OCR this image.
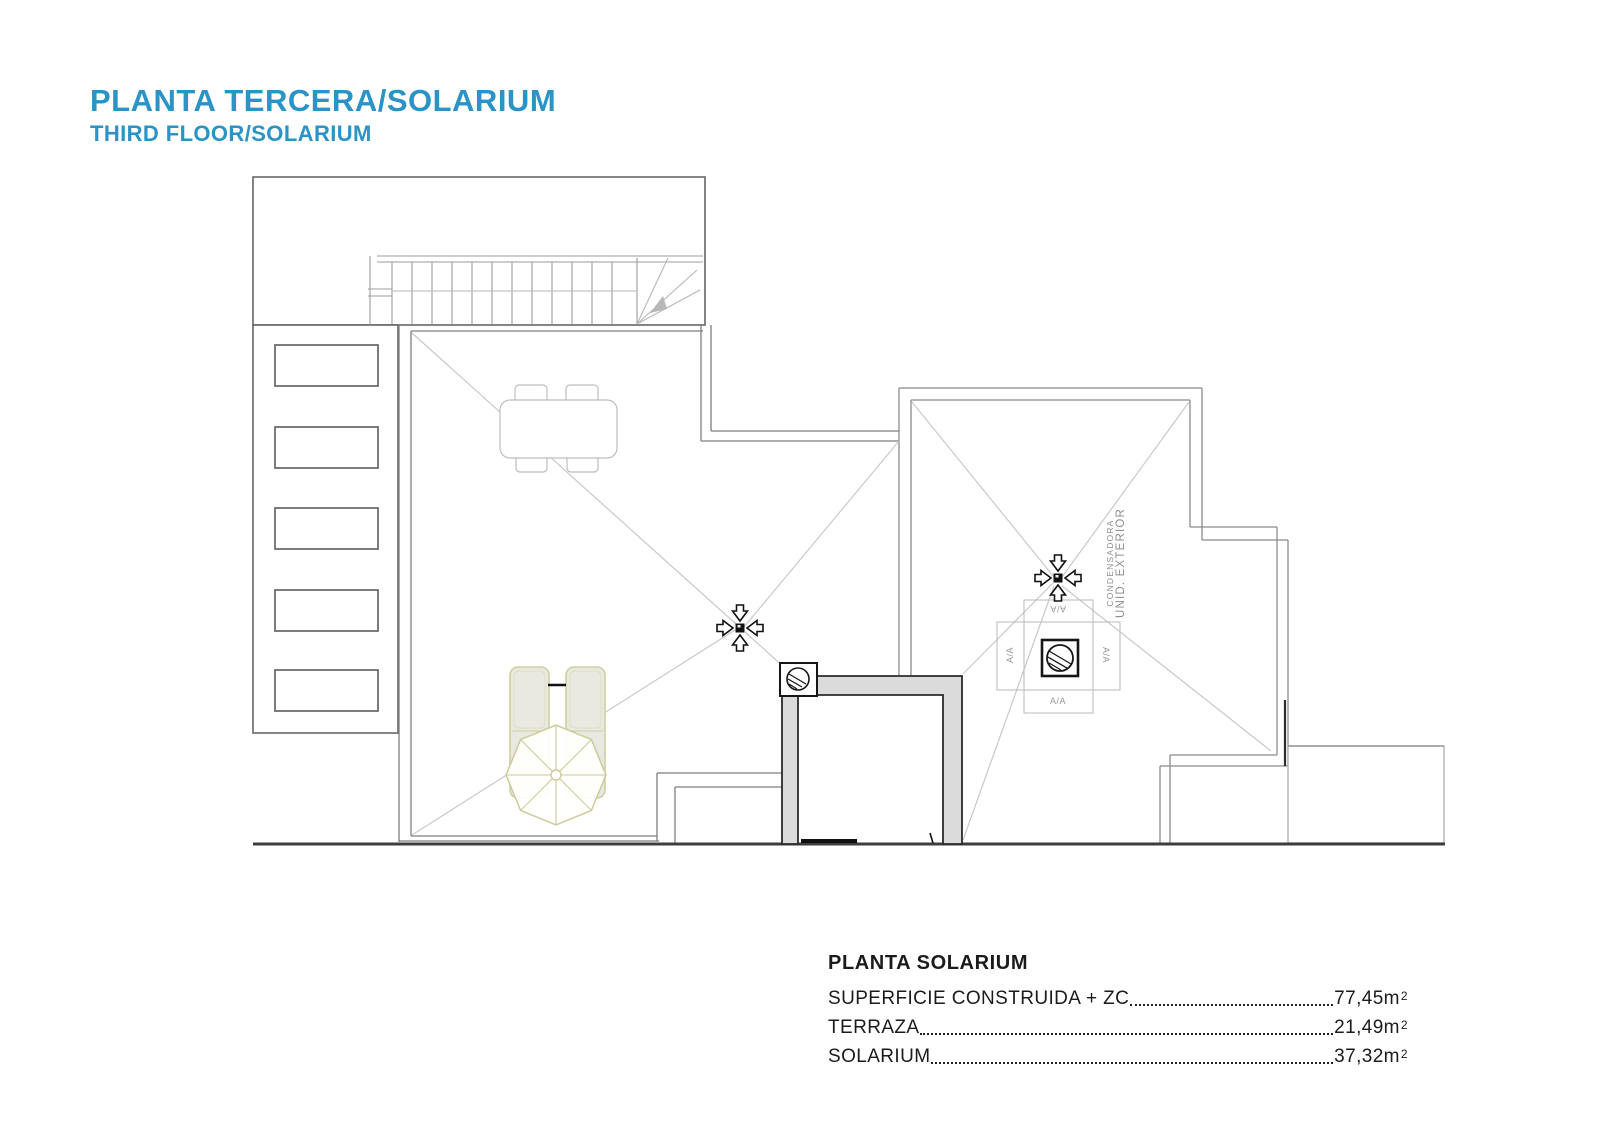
PLANTA TERCERA/SOLARIUM
THIRD FLOOR/SOLARIUM
CONDENSADORA UNID. EXTERIOR
A/A
A/A
A/A	A/A
PLANTA SOLARIUM
SUPERFICIE CONSTRUIDA + ZC	77,45m 2
TERRAZA	21,49m 2
SOLARIUM	37,32m 2
